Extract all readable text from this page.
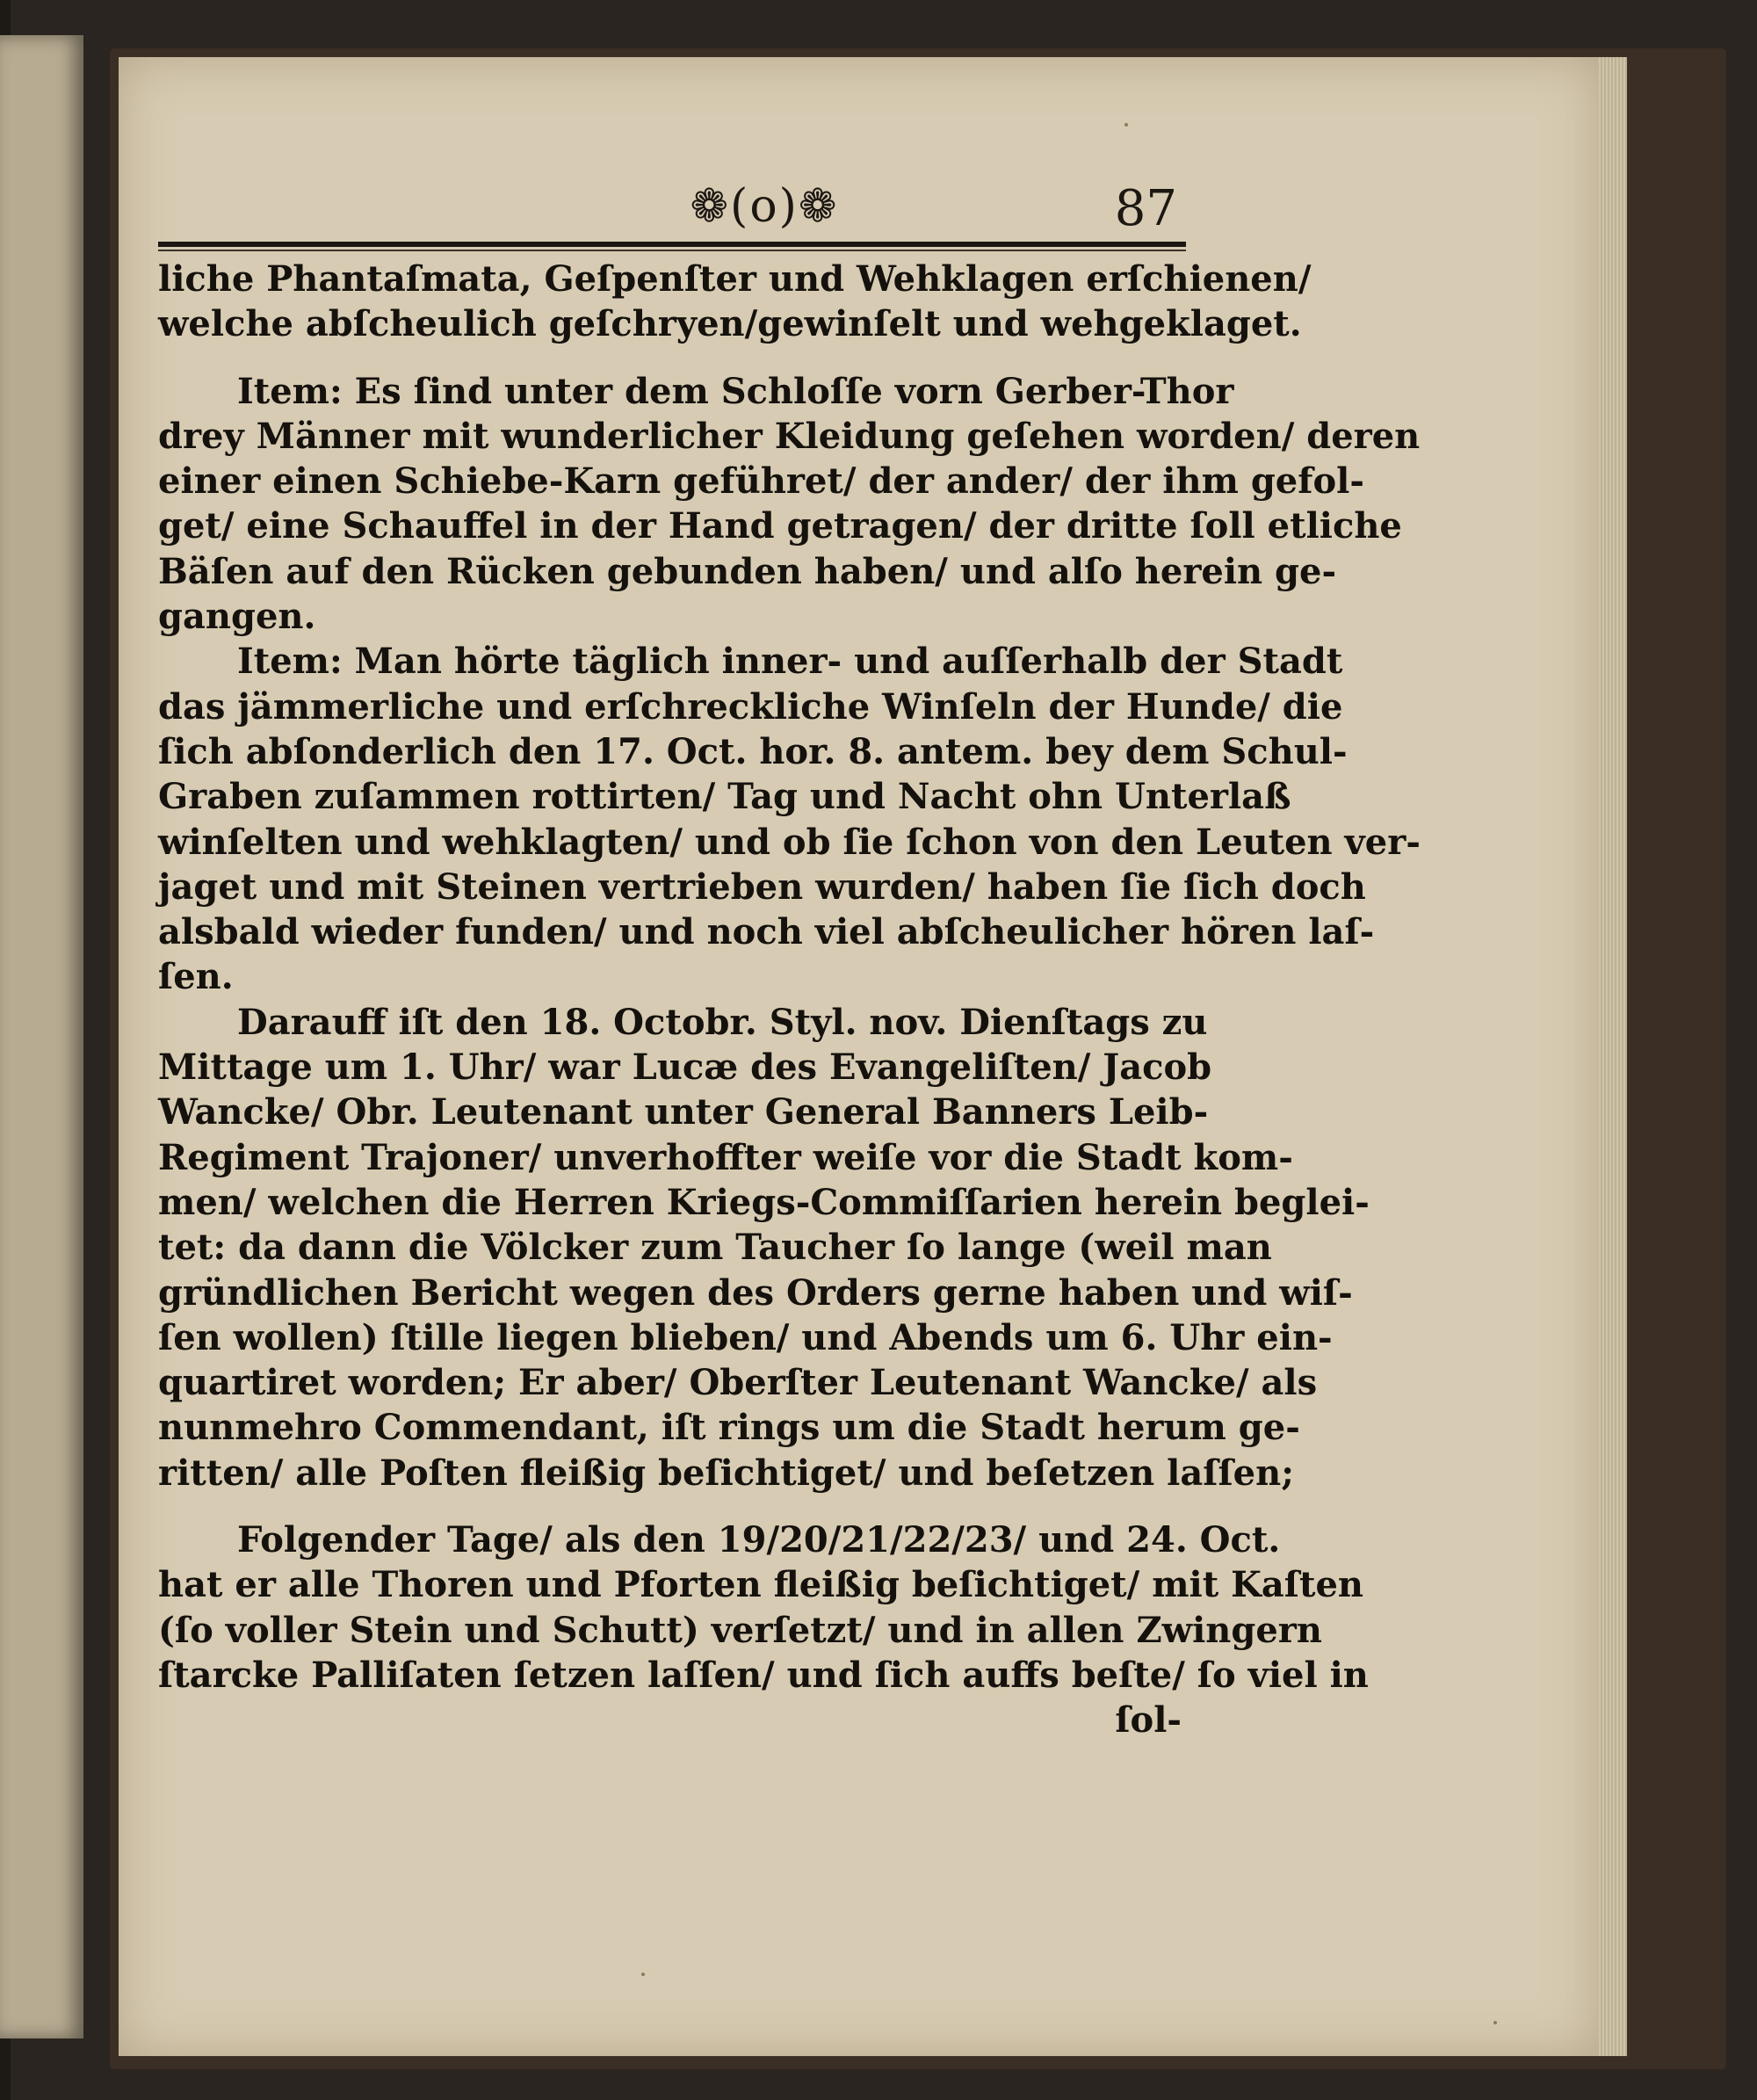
❁(o)❁	87
liche Phantaſmata, Geſpenſter und Wehklagen erſchienen/
welche abſcheulich geſchryen/gewinſelt und wehgeklaget.
Item: Es ſind unter dem Schloſſe vorn Gerber-Thor
drey Männer mit wunderlicher Kleidung geſehen worden/ deren
einer einen Schiebe-Karn geführet/ der ander/ der ihm gefol-
get/ eine Schauffel in der Hand getragen/ der dritte ſoll etliche
Bäſen auf den Rücken gebunden haben/ und alſo herein ge-
gangen.
Item: Man hörte täglich inner- und auſſerhalb der Stadt
das jämmerliche und erſchreckliche Winſeln der Hunde/ die
ſich abſonderlich den 17. Oct. hor. 8. antem. bey dem Schul-
Graben zuſammen rottirten/ Tag und Nacht ohn Unterlaß
winſelten und wehklagten/ und ob ſie ſchon von den Leuten ver-
jaget und mit Steinen vertrieben wurden/ haben ſie ſich doch
alsbald wieder funden/ und noch viel abſcheulicher hören laſ-
ſen.
Darauff iſt den 18. Octobr. Styl. nov. Dienſtags zu
Mittage um 1. Uhr/ war Lucæ des Evangeliſten/ Jacob
Wancke/ Obr. Leutenant unter General Banners Leib-
Regiment Trajoner/ unverhoffter weiſe vor die Stadt kom-
men/ welchen die Herren Kriegs-Commiſſarien herein beglei-
tet: da dann die Völcker zum Taucher ſo lange (weil man
gründlichen Bericht wegen des Orders gerne haben und wiſ-
ſen wollen) ſtille liegen blieben/ und Abends um 6. Uhr ein-
quartiret worden; Er aber/ Oberſter Leutenant Wancke/ als
nunmehro Commendant, iſt rings um die Stadt herum ge-
ritten/ alle Poſten fleißig beſichtiget/ und beſetzen laſſen;
Folgender Tage/ als den 19/20/21/22/23/ und 24. Oct.
hat er alle Thoren und Pforten fleißig beſichtiget/ mit Kaſten
(ſo voller Stein und Schutt) verſetzt/ und in allen Zwingern
ſtarcke Palliſaten ſetzen laſſen/ und ſich auffs beſte/ ſo viel in
ſol-
